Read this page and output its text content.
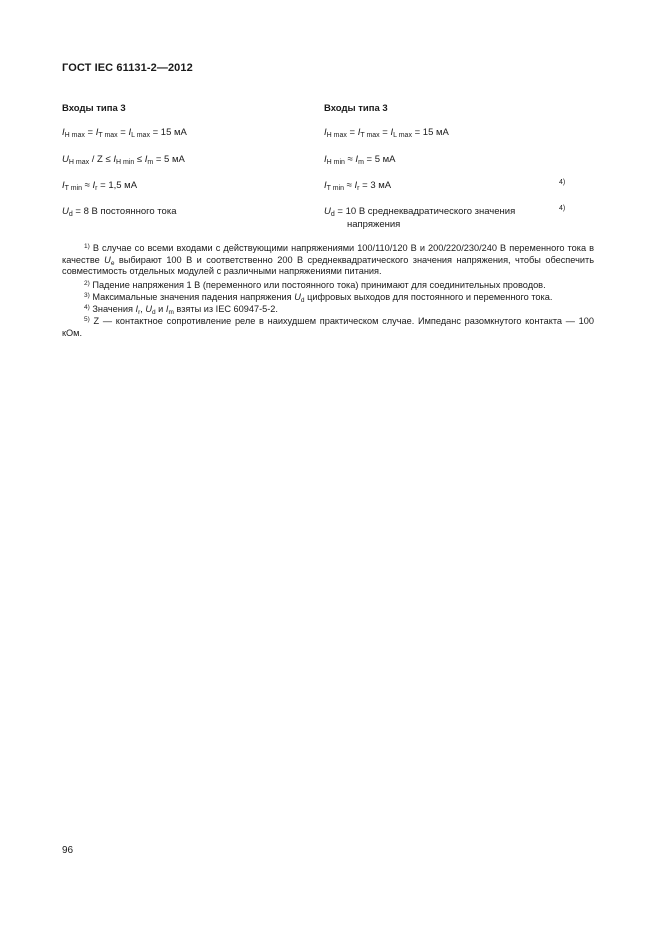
ГОСТ IEC 61131-2—2012
Входы типа 3
$I_{H max} = I_{T max} = I_{L max} = 15$ мА
$U_{H max} / Z \le I_{H min} \le I_m = 5$ мА
$I_{T min} \approx I_r = 1,5$ мА
$U_d = 8$ В постоянного тока
Входы типа 3
$I_{H max} = I_{T max} = I_{L max} = 15$ мА
$I_{H min} \approx I_m = 5$ мА
$I_{T min} \approx I_r = 3$ мА	4)
$U_d = 10$ В среднеквадратического значения
напряжения
4)
$^{1)}$ В случае со всеми входами с действующими напряжениями 100/110/120 В и 200/220/230/240 В переменного тока в качестве $U_e$ выбирают 100 В и соответственно 200 В среднеквадратического значения напряжения, чтобы обеспечить совместимость отдельных модулей с различными напряжениями питания.
$^{2)}$ Падение напряжения 1 В (переменного или постоянного тока) принимают для соединительных проводов.
$^{3)}$ Максимальные значения падения напряжения $U_d$ цифровых выходов для постоянного и переменного тока.
$^{4)}$ Значения $I_r$, $U_d$ и $I_m$ взяты из IEC 60947-5-2.
$^{5)}$ Z — контактное сопротивление реле в наихудшем практическом случае. Импеданс разомкнутого контакта — 100 кОм.
96
